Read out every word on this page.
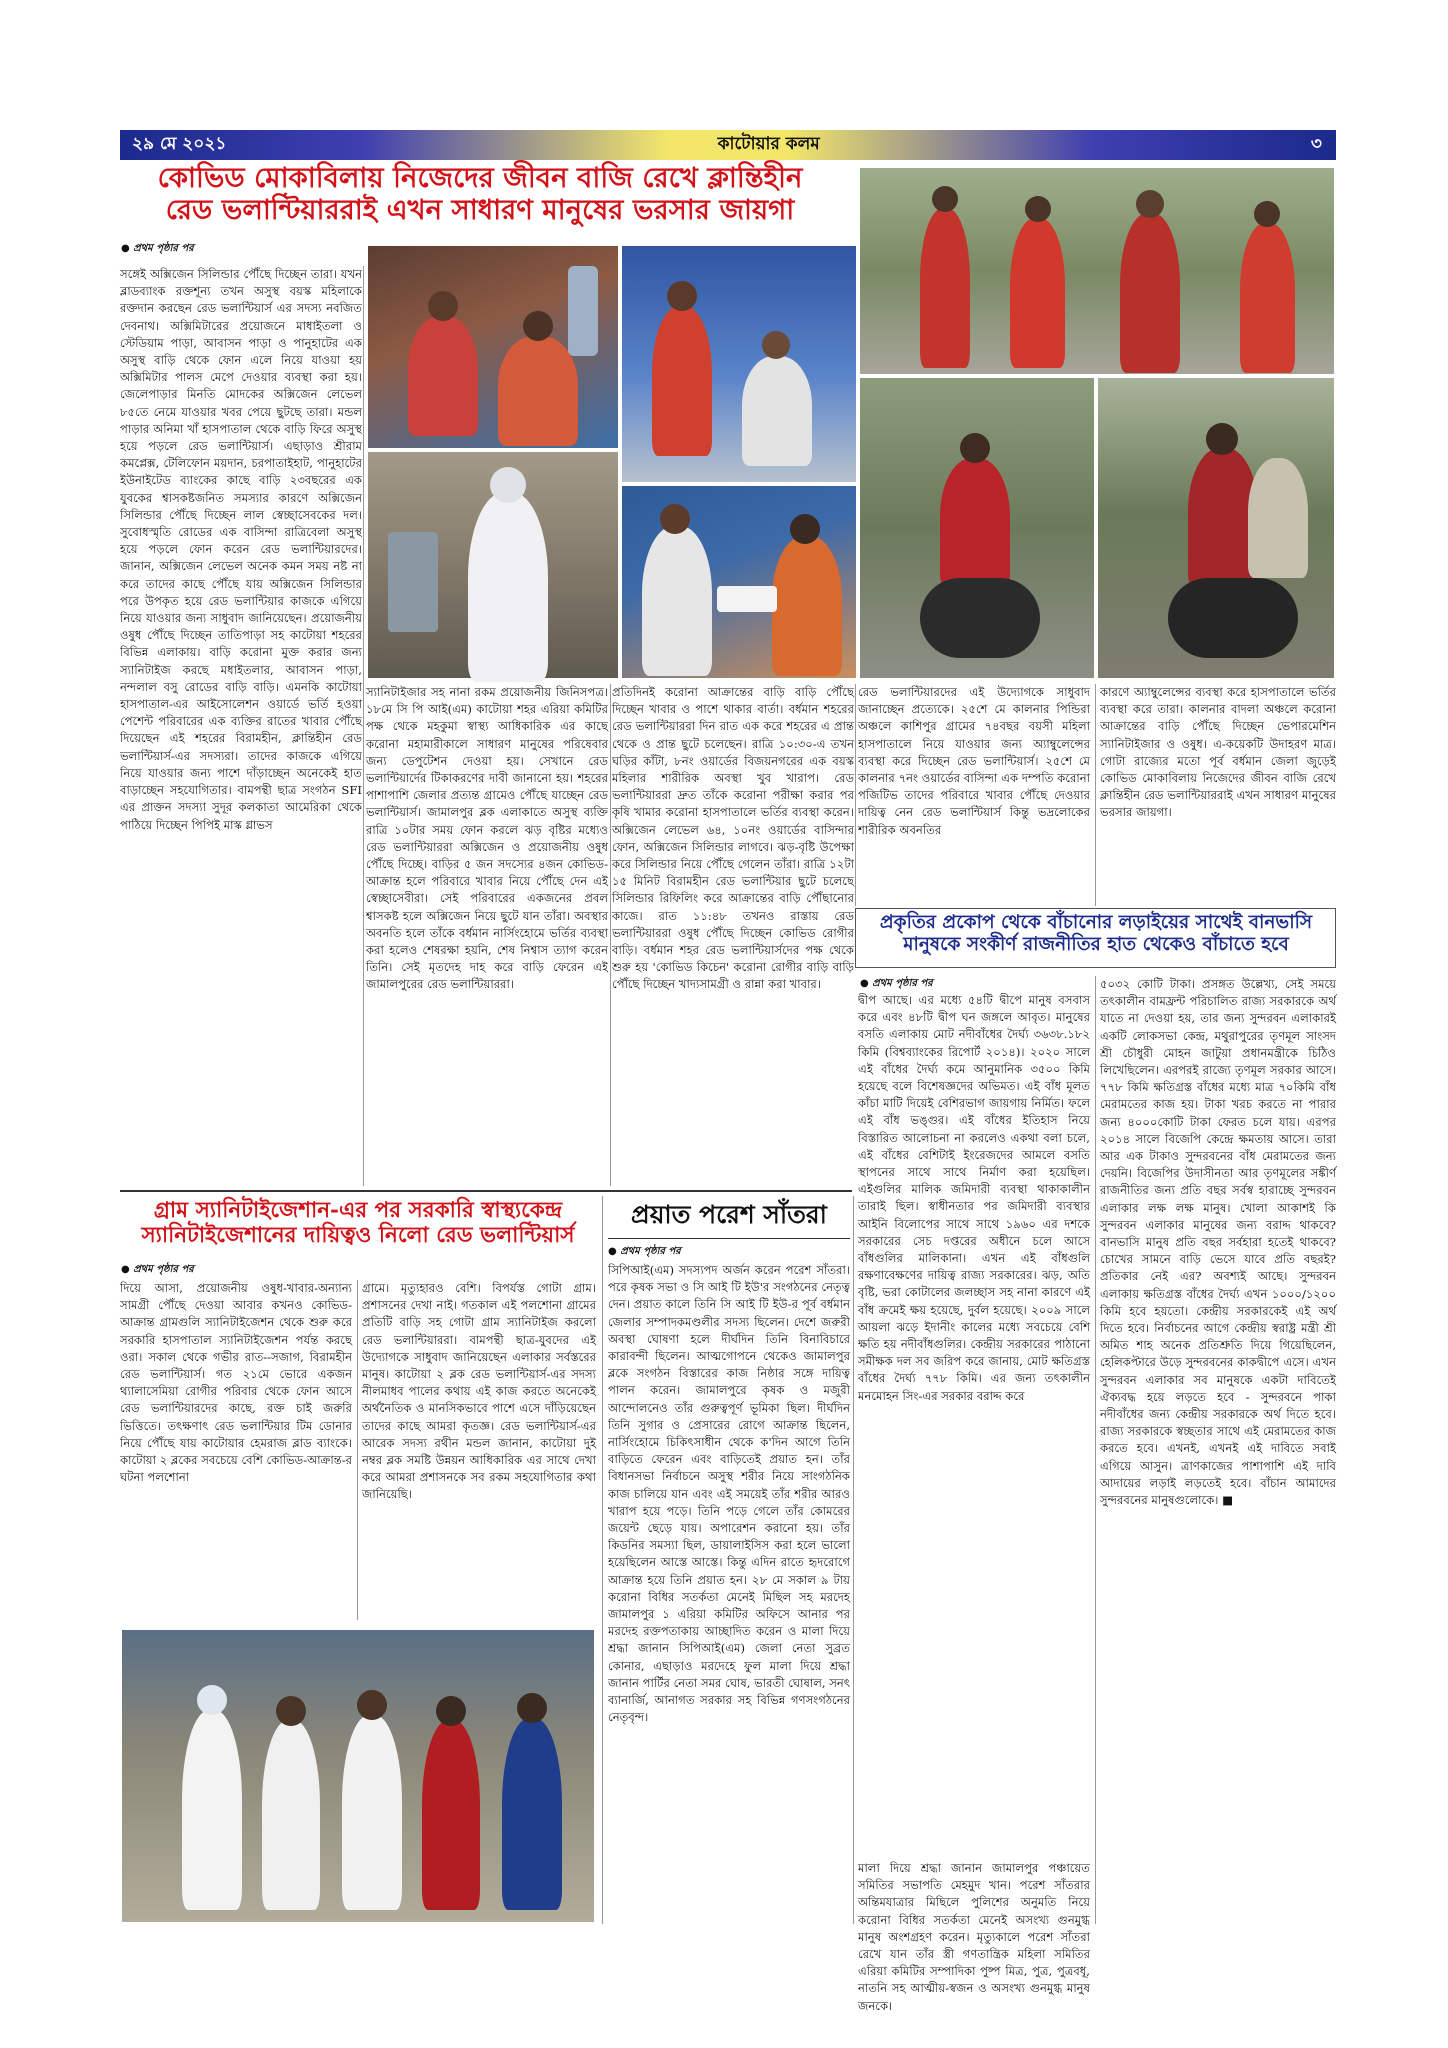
২৯ মে ২০২১	কাটোয়ার কলম	৩
কোভিড মোকাবিলায় নিজেদের জীবন বাজি রেখে ক্লান্তিহীন
রেড ভলান্টিয়াররাই এখন সাধারণ মানুষের ভরসার জায়গা
● প্রথম পৃষ্ঠার পর

সঙ্গেই অক্সিজেন সিলিন্ডার পৌঁছে দিচ্ছেন তারা। যখন ব্লাডব্যাংক রক্তশূন্য তখন অসুস্থ বয়স্ক মহিলাকে রক্তদান করছেন রেড ভলান্টিয়ার্স এর সদস্য নবজিত দেবনাথ। অক্সিমিটারের প্রয়োজনে মাধাইতলা ও স্টেডিয়াম পাড়া, আবাসন পাড়া ও পানুহাটের এক অসুস্থ বাড়ি থেকে ফোন এলে নিয়ে যাওয়া হয় অক্সিমিটার পালস মেপে দেওয়ার ব্যবস্থা করা হয়। জেলেপাড়ার মিনতি মোদকের অক্সিজেন লেভেল ৮৫তে নেমে যাওয়ার খবর পেয়ে ছুটছে তারা। মন্ডল পাড়ার অনিমা খাঁ হাসপাতাল থেকে বাড়ি ফিরে অসুস্থ হয়ে পড়লে রেড ভলান্টিয়ার্স। এছাড়াও শ্রীরাম কমপ্লেক্স, টেলিফোন ময়দান, চরপাতাইহাট, পানুহাটের ইউনাইটেড ব্যাংকের কাছে বাড়ি ২৩বছরের এক যুবকের শ্বাসকষ্টজনিত সমস্যার কারণে অক্সিজেন সিলিন্ডার পৌঁছে দিচ্ছেন লাল স্বেচ্ছাসেবকের দল। সুবোধস্মৃতি রোডের এক বাসিন্দা রাত্রিবেলা অসুস্থ হয়ে পড়লে ফোন করেন রেড ভলান্টিয়ারদের। জানান, অক্সিজেন লেভেল অনেক কমন সময় নষ্ট না করে তাদের কাছে পৌঁছে যায় অক্সিজেন সিলিন্ডার পরে উপকৃত হয়ে রেড ভলান্টিয়ার কাজকে এগিয়ে নিয়ে যাওয়ার জন্য সাধুবাদ জানিয়েছেন। প্রয়োজনীয় ওষুধ পৌঁছে দিচ্ছেন তাতিপাড়া সহ কাটোয়া শহরের বিভিন্ন এলাকায়। বাড়ি করোনা মুক্ত করার জন্য স্যানিটাইজ করছে মধাইতলার, আবাসন পাড়া, নন্দলাল বসু রোডের বাড়ি বাড়ি। এমনকি কাটোয়া হাসপাতাল-এর আইসোলেশন ওয়ার্ডে ভর্তি হওয়া পেশেন্ট পরিবারের এক ব্যক্তির রাতের খাবার পৌঁছে দিয়েছেন এই শহরের বিরামহীন, ক্লান্তিহীন রেড ভলান্টিয়ার্স-এর সদস্যরা। তাদের কাজকে এগিয়ে নিয়ে যাওয়ার জন্য পাশে দাঁড়াচ্ছেন অনেকেই হাত বাড়াচ্ছেন সহযোগিতার। বামপন্থী ছাত্র সংগঠন SFI এর প্রাক্তন সদস্যা সুদূর কলকাতা আমেরিকা থেকে পাঠিয়ে দিচ্ছেন পিপিই মাস্ক গ্লাভস

স্যানিটাইজার সহ নানা রকম প্রয়োজনীয় জিনিসপত্র। ১৮মে সি পি আই(এম) কাটোয়া শহর এরিয়া কমিটির পক্ষ থেকে মহকুমা স্বাস্থ্য আধিকারিক এর কাছে করোনা মহামারীকালে সাধারণ মানুষের পরিষেবার জন্য ডেপুটেশন দেওয়া হয়। সেখানে রেড ভলান্টিয়ার্দের টিকাকরণের দাবী জানানো হয়। শহরের পাশাপাশি জেলার প্রত্যন্ত গ্রামেও পৌঁছে যাচ্ছেন রেড ভলান্টিয়ার্স। জামালপুর ব্লক এলাকাতে অসুস্থ ব্যক্তি রাত্রি ১০টার সময় ফোন করলে ঝড় বৃষ্টির মধ্যেও রেড ভলান্টিয়াররা অক্সিজেন ও প্রয়োজনীয় ওষুধ পৌঁছে দিচ্ছে। বাড়ির ৫ জন সদস্যের ৪জন কোভিড-আক্রান্ত হলে পরিবারে খাবার নিয়ে পৌঁছে দেন এই স্বেচ্ছাসেবীরা। সেই পরিবারের একজনের প্রবল শ্বাসকষ্ট হলে অক্সিজেন নিয়ে ছুটে যান তাঁরা। অবস্থার অবনতি হলে তাঁকে বর্ধমান নার্সিংহোমে ভর্তির ব্যবস্থা করা হলেও শেষরক্ষা হয়নি, শেষ নিশ্বাস ত্যাগ করেন তিনি। সেই মৃতদেহ দাহ করে বাড়ি ফেরেন এই জামালপুরের রেড ভলান্টিয়াররা।

প্রতিদিনই করোনা আক্রান্তের বাড়ি বাড়ি পৌঁছে দিচ্ছেন খাবার ও পাশে থাকার বার্তা। বর্ধমান শহরের রেড ভলান্টিয়াররা দিন রাত এক করে শহরের এ প্রান্ত থেকে ও প্রান্ত ছুটে চলেছেন। রাত্রি ১০:৩০-এ তখন ঘড়ির কাঁটা, ৮নং ওয়ার্ডের বিজয়নগরের এক বয়স্ক মহিলার শারীরিক অবস্থা খুব খারাপ। রেড ভলান্টিয়াররা দ্রুত তাঁকে করোনা পরীক্ষা করার পর কৃষি খামার করোনা হাসপাতালে ভর্তির ব্যবস্থা করেন। অক্সিজেন লেভেল ৬৪, ১০নং ওয়ার্ডের বাসিন্দার ফোন, অক্সিজেন সিলিন্ডার লাগবে। ঝড়-বৃষ্টি উপেক্ষা করে সিলিন্ডার নিয়ে পৌঁছে গেলেন তাঁরা। রাত্রি ১২টা ১৫ মিনিট বিরামহীন রেড ভলান্টিয়ার ছুটে চলেছে সিলিন্ডার রিফিলিং করে আক্রান্তের বাড়ি পৌঁছানোর কাজে। রাত ১১:৪৮ তখনও রাস্তায় রেড ভলান্টিয়াররা ওষুধ পৌঁছে দিচ্ছেন কোভিড রোগীর বাড়ি। বর্ধমান শহর রেড ভলান্টিয়ার্সদের পক্ষ থেকে শুরু হয় 'কোভিড কিচেন' করোনা রোগীর বাড়ি বাড়ি পৌঁছে দিচ্ছেন খাদ্যসামগ্রী ও রান্না করা খাবার।

রেড ভলান্টিয়ারদের এই উদ্যোগকে সাধুবাদ জানাচ্ছেন প্রত্যেকে। ২৫শে মে কালনার পিন্ডিরা অঞ্চলে কাশিপুর গ্রামের ৭৪বছর বয়সী মহিলা হাসপাতালে নিয়ে যাওয়ার জন্য অ্যাম্বুলেন্সের ব্যবস্থা করে দিচ্ছেন রেড ভলান্টিয়ার্স। ২৫শে মে কালনার ৭নং ওয়ার্ডের বাসিন্দা এক দম্পতি করোনা পজিটিভ তাদের পরিবারে খাবার পৌঁছে দেওয়ার দায়িত্ব নেন রেড ভলান্টিয়ার্স কিন্তু ভদ্রলোকের শারীরিক অবনতির

কারণে অ্যাম্বুলেন্সের ব্যবস্থা করে হাসপাতালে ভর্তির ব্যবস্থা করে তারা। কালনার বাদলা অঞ্চলে করোনা আক্রান্তের বাড়ি পৌঁছে দিচ্ছেন ভেপারমেশিন স্যানিটাইজার ও ওষুধ। এ-কয়েকটি উদাহরণ মাত্র। গোটা রাজ্যের মতো পূর্ব বর্ধমান জেলা জুড়েই কোভিড মোকাবিলায় নিজেদের জীবন বাজি রেখে ক্লান্তিহীন রেড ভলান্টিয়াররাই এখন সাধারণ মানুষের ভরসার জায়গা।

প্রকৃতির প্রকোপ থেকে বাঁচানোর লড়াইয়ের সাথেই বানভাসি
মানুষকে সংকীর্ণ রাজনীতির হাত থেকেও বাঁচাতে হবে
● প্রথম পৃষ্ঠার পর

দ্বীপ আছে। এর মধ্যে ৫৪টি দ্বীপে মানুষ বসবাস করে এবং ৪৮টি দ্বীপ ঘন জঙ্গলে আবৃত। মানুষের বসতি এলাকায় মোট নদীবাঁধের দৈর্ঘ্য ৩৬৩৮.১৮২ কিমি (বিশ্বব্যাংকের রিপোর্ট ২০১৪)। ২০২০ সালে এই বাঁধের দৈর্ঘ্য কমে আনুমানিক ৩৫০০ কিমি হয়েছে বলে বিশেষজ্ঞদের অভিমত। এই বাঁধ মূলত কাঁচা মাটি দিয়েই বেশিরভাগ জায়গায় নির্মিত। ফলে এই বাঁধ ভঙ্গুর। এই বাঁধের ইতিহাস নিয়ে বিস্তারিত আলোচনা না করলেও একথা বলা চলে, এই বাঁধের বেশিটাই ইংরেজদের আমলে বসতি স্থাপনের সাথে সাথে নির্মাণ করা হয়েছিল। এইগুলির মালিক জমিদারী ব্যবস্থা থাকাকালীন তারাই ছিল। স্বাধীনতার পর জমিদারী ব্যবস্থার আইনি বিলোপের সাথে সাথে ১৯৬০ এর দশকে সরকারের সেচ দপ্তরের অধীনে চলে আসে বাঁধগুলির মালিকানা। এখন এই বাঁধগুলি রক্ষণাবেক্ষণের দায়িত্ব রাজ্য সরকারের। ঝড়, অতি বৃষ্টি, ভরা কোটালের জলচ্ছাস সহ নানা কারণে এই বাঁধ ক্রমেই ক্ষয় হয়েছে, দুর্বল হয়েছে। ২০০৯ সালে আয়লা ঝড়ে ইদানীং কালের মধ্যে সবচেয়ে বেশি ক্ষতি হয় নদীবাঁধগুলির। কেন্দ্রীয় সরকারের পাঠানো সমীক্ষক দল সব জরিপ করে জানায়, মোট ক্ষতিগ্রস্ত বাঁধের দৈর্ঘ্য ৭৭৮ কিমি। এর জন্য তৎকালীন মনমোহন সিং-এর সরকার বরাদ্দ করে

৫০৩২ কোটি টাকা। প্রসঙ্গত উল্লেখ্য, সেই সময়ে তৎকালীন বামফ্রন্ট পরিচালিত রাজ্য সরকারকে অর্থ যাতে না দেওয়া হয়, তার জন্য সুন্দরবন এলাকারই একটি লোকসভা কেন্দ্র, মথুরাপুরের তৃণমূল সাংসদ শ্রী চৌধুরী মোহন জাটুয়া প্রধানমন্ত্রীকে চিঠিও লিখেছিলেন। এরপরই রাজ্যে তৃণমূল সরকার আসে। ৭৭৮ কিমি ক্ষতিগ্রস্ত বাঁধের মধ্যে মাত্র ৭০কিমি বাঁধ মেরামতের কাজ হয়। টাকা খরচ করতে না পারার জন্য ৪০০০কোটি টাকা ফেরত চলে যায়। এরপর ২০১৪ সালে বিজেপি কেন্দ্রে ক্ষমতায় আসে। তারা আর এক টাকাও সুন্দরবনের বাঁধ মেরামতের জন্য দেয়নি। বিজেপির উদাসীনতা আর তৃণমূলের সঙ্কীর্ণ রাজনীতির জন্য প্রতি বছর সর্বস্ব হারাচ্ছে সুন্দরবন এলাকার লক্ষ লক্ষ মানুষ। খোলা আকাশই কি সুন্দরবন এলাকার মানুষের জন্য বরাদ্দ থাকবে? বানভাসি মানুষ প্রতি বছর সর্বহারা হতেই থাকবে? চোখের সামনে বাড়ি ভেসে যাবে প্রতি বছরই? প্রতিকার নেই এর? অবশ্যই আছে। সুন্দরবন এলাকায় ক্ষতিগ্রস্ত বাঁধের দৈর্ঘ্য এখন ১০০০/১২০০ কিমি হবে হয়তো। কেন্দ্রীয় সরকারকেই এই অর্থ দিতে হবে। নির্বাচনের আগে কেন্দ্রীয় স্বরাষ্ট্র মন্ত্রী শ্রী অমিত শাহ অনেক প্রতিশ্রুতি দিয়ে গিয়েছিলেন, হেলিকপ্টারে উড়ে সুন্দরবনের কাকদ্বীপে এসে। এখন সুন্দরবন এলাকার সব মানুষকে একটা দাবিতেই ঐক্যবদ্ধ হয়ে লড়তে হবে - সুন্দরবনে পাকা নদীবাঁধের জন্য কেন্দ্রীয় সরকারকে অর্থ দিতে হবে। রাজ্য সরকারকে স্বচ্ছতার সাথে এই মেরামতের কাজ করতে হবে। এখনই, এখনই এই দাবিতে সবাই এগিয়ে আসুন। ত্রাণকাজের পাশাপাশি এই দাবি আদায়ের লড়াই লড়তেই হবে। বাঁচান আমাদের সুন্দরবনের মানুষগুলোকে। ■

গ্রাম স্যানিটাইজেশান-এর পর সরকারি স্বাস্থ্যকেন্দ্র
স্যানিটাইজেশানের দায়িত্বও নিলো রেড ভলান্টিয়ার্স
● প্রথম পৃষ্ঠার পর

দিয়ে আসা, প্রয়োজনীয় ওষুধ-খাবার-অন্যান্য সামগ্রী পৌঁছে দেওয়া আবার কখনও কোভিড-আক্রান্ত গ্রামগুলি স্যানিটাইজেশন থেকে শুরু করে সরকারি হাসপাতাল স্যানিটাইজেশন পর্যন্ত করছে ওরা। সকাল থেকে গভীর রাত--সজাগ, বিরামহীন রেড ভলান্টিয়ার্স। গত ২১মে ভোরে একজন থ্যালাসেমিয়া রোগীর পরিবার থেকে ফোন আসে রেড ভলান্টিয়ারদের কাছে, রক্ত চাই জরুরি ভিত্তিতে। তৎক্ষণাৎ রেড ভলান্টিয়ার টিম ডোনার নিয়ে পৌঁছে যায় কাটোয়ার হেমরাজ ব্লাড ব্যাংকে। কাটোয়া ২ ব্লকের সবচেয়ে বেশি কোভিড-আক্রান্ত-র ঘটনা পলশোনা

গ্রামে। মৃত্যুহারও বেশি। বিপর্যস্ত গোটা গ্রাম। প্রশাসনের দেখা নাই। গতকাল এই পলশোনা গ্রামের প্রতিটি বাড়ি সহ গোটা গ্রাম স্যানিটাইজ করলো রেড ভলান্টিয়াররা। বামপন্থী ছাত্র-যুবদের এই উদ্যোগকে সাধুবাদ জানিয়েছেন এলাকার সর্বস্তরের মানুষ। কাটোয়া ২ ব্লক রেড ভলান্টিয়ার্স-এর সদস্য নীলমাধব পালের কথায় এই কাজ করতে অনেকেই অর্থনৈতিক ও মানসিকভাবে পাশে এসে দাঁড়িয়েছেন তাদের কাছে আমরা কৃতজ্ঞ। রেড ভলান্টিয়ার্স-এর আরেক সদস্য রথীন মন্ডল জানান, কাটোয়া দুই নম্বর ব্লক সমষ্টি উন্নয়ন আধিকারিক এর সাথে দেখা করে আমরা প্রশাসনকে সব রকম সহযোগিতার কথা জানিয়েছি।

প্রয়াত পরেশ সাঁতরা
● প্রথম পৃষ্ঠার পর

সিপিআই(এম) সদস্যপদ অর্জন করেন পরেশ সাঁতরা। পরে কৃষক সভা ও সি আই টি ইউ'র সংগঠনের নেতৃত্ব দেন। প্রয়াত কালে তিনি সি আই টি ইউ-র পূর্ব বর্ধমান জেলার সম্পাদকমণ্ডলীর সদস্য ছিলেন। দেশে জরুরী অবস্থা ঘোষণা হলে দীর্ঘদিন তিনি বিনাবিচারে কারাবন্দী ছিলেন। আত্মগোপনে থেকেও জামালপুর ব্লকে সংগঠন বিস্তারের কাজ নিষ্ঠার সঙ্গে দায়িত্ব পালন করেন। জামালপুরে কৃষক ও মজুরী আন্দোলনেও তাঁর গুরুত্বপূর্ণ ভূমিকা ছিল। দীর্ঘদিন তিনি সুগার ও প্রেসারের রোগে আক্রান্ত ছিলেন, নার্সিংহোমে চিকিৎসাধীন থেকে ক'দিন আগে তিনি বাড়িতে ফেরেন এবং বাড়িতেই প্রয়াত হন। তাঁর বিধানসভা নির্বাচনে অসুস্থ শরীর নিয়ে সাংগঠনিক কাজ চালিয়ে যান এবং এই সময়েই তাঁর শরীর আরও খারাপ হয়ে পড়ে। তিনি পড়ে গেলে তাঁর কোমরের জয়েন্ট ছেড়ে যায়। অপারেশন করানো হয়। তাঁর কিডনির সমস্যা ছিল, ডায়ালাইসিস করা হলে ভালো হয়েছিলেন আস্তে আস্তে। কিন্তু এদিন রাতে হৃদরোগে আক্রান্ত হয়ে তিনি প্রয়াত হন। ২৮ মে সকাল ৯ টায় করোনা বিধির সতর্কতা মেনেই মিছিল সহ মরদেহ জামালপুর ১ এরিয়া কমিটির অফিসে আনার পর মরদেহ রক্তপতাকায় আচ্ছাদিত করেন ও মালা দিয়ে শ্রদ্ধা জানান সিপিআই(এম) জেলা নেতা সুব্রত কোনার, এছাড়াও মরদেহে ফুল মালা দিয়ে শ্রদ্ধা জানান পার্টির নেতা সমর ঘোষ, ভারতী ঘোষাল, সনৎ ব্যানার্জি, আনাগত সরকার সহ বিভিন্ন গণসংগঠনের নেতৃবৃন্দ।

মালা দিয়ে শ্রদ্ধা জানান জামালপুর পঞ্চায়েত সমিতির সভাপতি মেহমুদ খান। পরেশ সাঁতরার অন্তিমযাত্রার মিছিলে পুলিশের অনুমতি নিয়ে করোনা বিধির সতর্কতা মেনেই অসংখ্য গুনমুগ্ধ মানুষ অংশগ্রহণ করেন। মৃত্যুকালে পরেশ সাঁতরা রেখে যান তাঁর স্ত্রী গণতান্ত্রিক মহিলা সমিতির এরিয়া কমিটির সম্পাদিকা পুষ্প মিত্র, পুত্র, পুত্রবধূ, নাতনি সহ আত্মীয়-স্বজন ও অসংখ্য গুনমুগ্ধ মানুষ জনকে।
